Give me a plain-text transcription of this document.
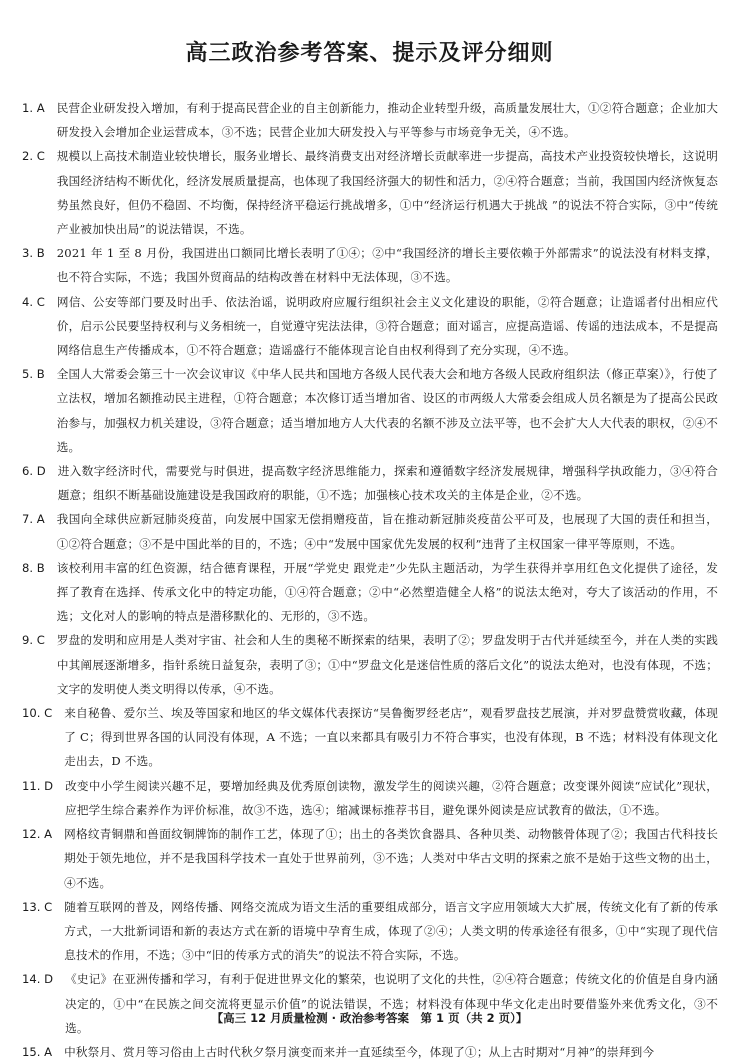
高三政治参考答案、提示及评分细则
1. A	民营企业研发投入增加，有利于提高民营企业的自主创新能力，推动企业转型升级，高质量发展壮大，①②符合题意；企业加大研发投入会增加企业运营成本，③不选；民营企业加大研发投入与平等参与市场竞争无关，④不选。
2. C	规模以上高技术制造业较快增长，服务业增长、最终消费支出对经济增长贡献率进一步提高，高技术产业投资较快增长，这说明我国经济结构不断优化，经济发展质量提高，也体现了我国经济强大的韧性和活力，②④符合题意；当前，我国国内经济恢复态势虽然良好，但仍不稳固、不均衡，保持经济平稳运行挑战增多，①中“经济运行机遇大于挑战 ”的说法不符合实际，③中“传统产业被加快出局”的说法错误，不选。
3. B	2021 年 1 至 8 月份，我国进出口额同比增长表明了①④；②中“我国经济的增长主要依赖于外部需求”的说法没有材料支撑，也不符合实际，不选；我国外贸商品的结构改善在材料中无法体现，③不选。
4. C	网信、公安等部门要及时出手、依法治谣，说明政府应履行组织社会主义文化建设的职能，②符合题意；让造谣者付出相应代价，启示公民要坚持权利与义务相统一，自觉遵守宪法法律，③符合题意；面对谣言，应提高造谣、传谣的违法成本，不是提高网络信息生产传播成本，①不符合题意；造谣盛行不能体现言论自由权利得到了充分实现，④不选。
5. B	全国人大常委会第三十一次会议审议《中华人民共和国地方各级人民代表大会和地方各级人民政府组织法（修正草案）》，行使了立法权，增加名额推动民主进程，①符合题意；本次修订适当增加省、设区的市两级人大常委会组成人员名额是为了提高公民政治参与，加强权力机关建设，③符合题意；适当增加地方人大代表的名额不涉及立法平等，也不会扩大人大代表的职权，②④不选。
6. D	进入数字经济时代，需要党与时俱进，提高数字经济思维能力，探索和遵循数字经济发展规律，增强科学执政能力，③④符合题意；组织不断基础设施建设是我国政府的职能，①不选；加强核心技术攻关的主体是企业，②不选。
7. A	我国向全球供应新冠肺炎疫苗，向发展中国家无偿捐赠疫苗，旨在推动新冠肺炎疫苗公平可及，也展现了大国的责任和担当，①②符合题意；③不是中国此举的目的，不选；④中“发展中国家优先发展的权利”违背了主权国家一律平等原则，不选。
8. B	该校利用丰富的红色资源，结合德育课程，开展“学党史 跟党走”少先队主题活动，为学生获得并享用红色文化提供了途径，发挥了教育在选择、传承文化中的特定功能，①④符合题意；②中“必然塑造健全人格”的说法太绝对，夸大了该活动的作用，不选；文化对人的影响的特点是潜移默化的、无形的，③不选。
9. C	罗盘的发明和应用是人类对宇宙、社会和人生的奥秘不断探索的结果，表明了②；罗盘发明于古代并延续至今，并在人类的实践中其阐展逐渐增多，指针系统日益复杂，表明了③；①中“罗盘文化是迷信性质的落后文化”的说法太绝对，也没有体现，不选；文字的发明使人类文明得以传承，④不选。
10. C	来自秘鲁、爱尔兰、埃及等国家和地区的华文媒体代表探访“吴鲁衡罗经老店”，观看罗盘技艺展演，并对罗盘赞赏收藏，体现了 C；得到世界各国的认同没有体现，A 不选；一直以来都具有吸引力不符合事实，也没有体现，B 不选；材料没有体现文化走出去，D 不选。
11. D	改变中小学生阅读兴趣不足，要增加经典及优秀原创读物，激发学生的阅读兴趣，②符合题意；改变课外阅读“应试化”现状，应把学生综合素养作为评价标准，故③不选，选④；缩减课标推荐书目，避免课外阅读是应试教育的做法，①不选。
12. A	网格纹青铜鼎和兽面纹铜牌饰的制作工艺，体现了①；出土的各类饮食器具、各种贝类、动物骸骨体现了②；我国古代科技长期处于领先地位，并不是我国科学技术一直处于世界前列，③不选；人类对中华古文明的探索之旅不是始于这些文物的出土，④不选。
13. C	随着互联网的普及，网络传播、网络交流成为语文生活的重要组成部分，语言文字应用领域大大扩展，传统文化有了新的传承方式，一大批新词语和新的表达方式在新的语境中孕育生成，体现了②④；人类文明的传承途径有很多，①中“实现了现代信息技术的作用，不选；③中“旧的传承方式的消失”的说法不符合实际，不选。
14. D	《史记》在亚洲传播和学习，有利于促进世界文化的繁荣，也说明了文化的共性，②④符合题意；传统文化的价值是自身内涵决定的，①中“在民族之间交流将更显示价值”的说法错误，不选；材料没有体现中华文化走出时要借鉴外来优秀文化，③不选。
15. A	中秋祭月、赏月等习俗由上古时代秋夕祭月演变而来并一直延续至今，体现了①；从上古时期对“月神”的崇拜到今
【高三 12 月质量检测 · 政治参考答案　第 1 页（共 2 页）】
